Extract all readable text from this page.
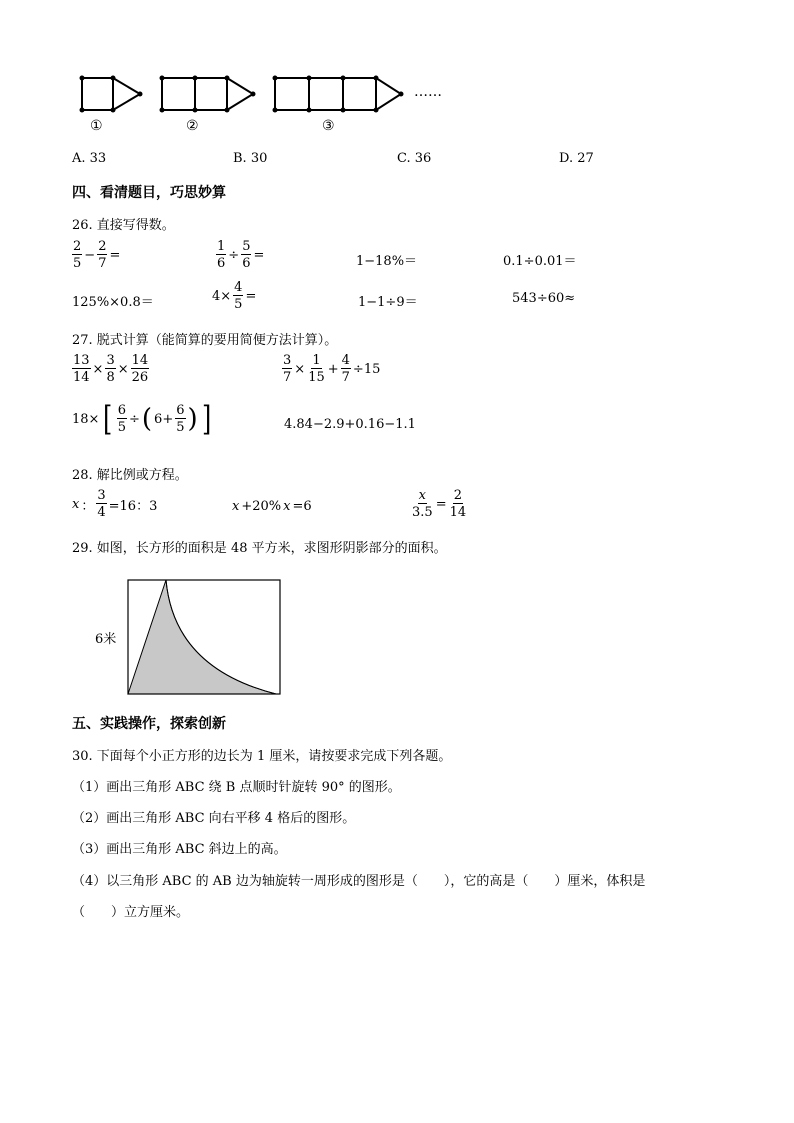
……
①	②	③
A. 33	B. 30	C. 36	D. 27
四、看清题目，巧思妙算
26. 直接写得数。
$\frac{2}{5} - \frac{2}{7}$ =	$\frac{1}{6} \div \frac{5}{6}$ =	1−18%＝	0.1÷0.01＝
125%×0.8＝	$4\times \frac{4}{5}$ =	1−1÷9＝	543÷60≈
27. 脱式计算（能简算的要用简便方法计算）。
$\frac{13}{14} \times \frac{3}{8} \times \frac{14}{26}$	$\frac{3}{7} \times \frac{1}{15} + \frac{4}{7} \div 15$
18× [ $\frac{6}{5}$ ÷ ( $6+ \frac{6}{5}$ ) ]	4.84−2.9+0.16−1.1
28. 解比例或方程。
x ： $\frac{3}{4} =16$：3	x +20% x =6	$\frac{x}{3.5} = \frac{2}{14}$
29. 如图，长方形的面积是 48 平方米，求图形阴影部分的面积。
6米
五、实践操作，探索创新
30. 下面每个小正方形的边长为 1 厘米，请按要求完成下列各题。
（1）画出三角形 ABC 绕 B 点顺时针旋转 90° 的图形。
（2）画出三角形 ABC 向右平移 4 格后的图形。
（3）画出三角形 ABC 斜边上的高。
（4）以三角形 ABC 的 AB 边为轴旋转一周形成的图形是（　　），它的高是（　　）厘米，体积是
（　　）立方厘米。
